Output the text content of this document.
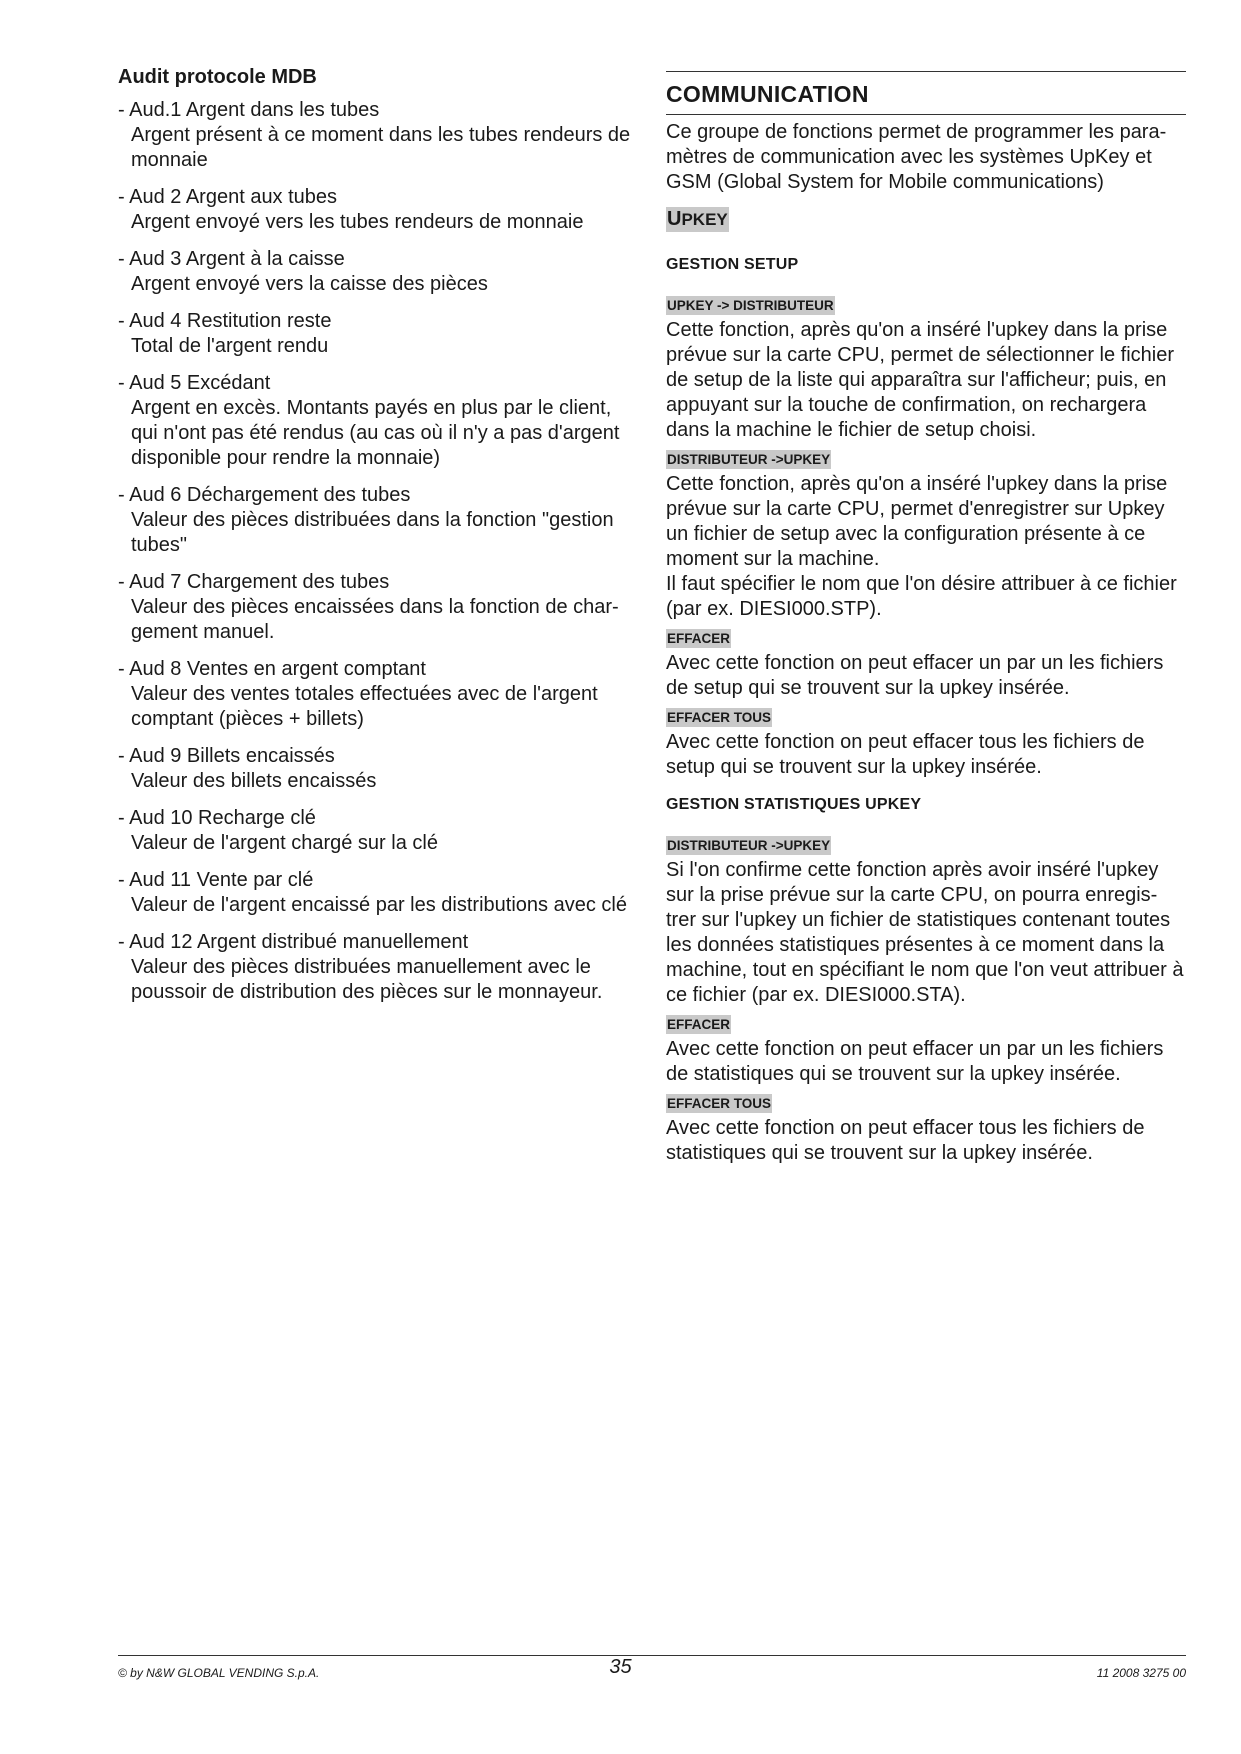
Audit protocole MDB
- Aud.1 Argent dans les tubes
Argent présent à ce moment dans les tubes rendeurs de monnaie
- Aud 2 Argent aux tubes
Argent envoyé vers les tubes rendeurs de monnaie
- Aud 3 Argent à la caisse
Argent envoyé vers la caisse des pièces
- Aud 4 Restitution reste
Total de l'argent rendu
- Aud 5 Excédant
Argent en excès. Montants payés en plus par le client, qui n'ont pas été rendus (au cas où il n'y a pas d'argent disponible pour rendre la monnaie)
- Aud 6 Déchargement des tubes
Valeur des pièces distribuées dans la fonction "gestion tubes"
- Aud 7 Chargement des tubes
Valeur des pièces encaissées dans la fonction de char-gement manuel.
- Aud 8 Ventes en argent comptant
Valeur des ventes totales effectuées avec de l'argent comptant (pièces + billets)
- Aud 9 Billets encaissés
Valeur des billets encaissés
- Aud 10 Recharge clé
Valeur de l'argent chargé sur la clé
- Aud 11 Vente par clé
Valeur de l'argent encaissé par les distributions avec clé
- Aud 12 Argent distribué manuellement
Valeur des pièces distribuées manuellement avec le poussoir de distribution des pièces sur le monnayeur.
COMMUNICATION

Ce groupe de fonctions permet de programmer les para-mètres de communication avec les systèmes UpKey et GSM (Global System for Mobile communications)

UPKEY
GESTION SETUP
UPKEY -> DISTRIBUTEUR

Cette fonction, après qu'on a inséré l'upkey dans la prise prévue sur la carte CPU, permet de sélectionner le fichier de setup de la liste qui apparaîtra sur l'afficheur; puis, en appuyant sur la touche de confirmation, on rechargera dans la machine le fichier de setup choisi.

DISTRIBUTEUR ->UPKEY

Cette fonction, après qu'on a inséré l'upkey dans la prise prévue sur la carte CPU, permet d'enregistrer sur Upkey un fichier de setup avec la configuration présente à ce moment sur la machine.

Il faut spécifier le nom que l'on désire attribuer à ce fichier (par ex. DIESI000.STP).

EFFACER

Avec cette fonction on peut effacer un par un les fichiers de setup qui se trouvent sur la upkey insérée.

EFFACER TOUS

Avec cette fonction on peut effacer tous les fichiers de setup qui se trouvent sur la upkey insérée.

GESTION STATISTIQUES UPKEY
DISTRIBUTEUR ->UPKEY

Si l'on confirme cette fonction après avoir inséré l'upkey sur la prise prévue sur la carte CPU, on pourra enregis-trer sur l'upkey un fichier de statistiques contenant toutes les données statistiques présentes à ce moment dans la machine, tout en spécifiant le nom que l'on veut attribuer à ce fichier (par ex. DIESI000.STA).

EFFACER

Avec cette fonction on peut effacer un par un les fichiers de statistiques qui se trouvent sur la upkey insérée.

EFFACER TOUS

Avec cette fonction on peut effacer tous les fichiers de statistiques qui se trouvent sur la upkey insérée.

© by N&W GLOBAL VENDING S.p.A.	35	11 2008 3275 00
